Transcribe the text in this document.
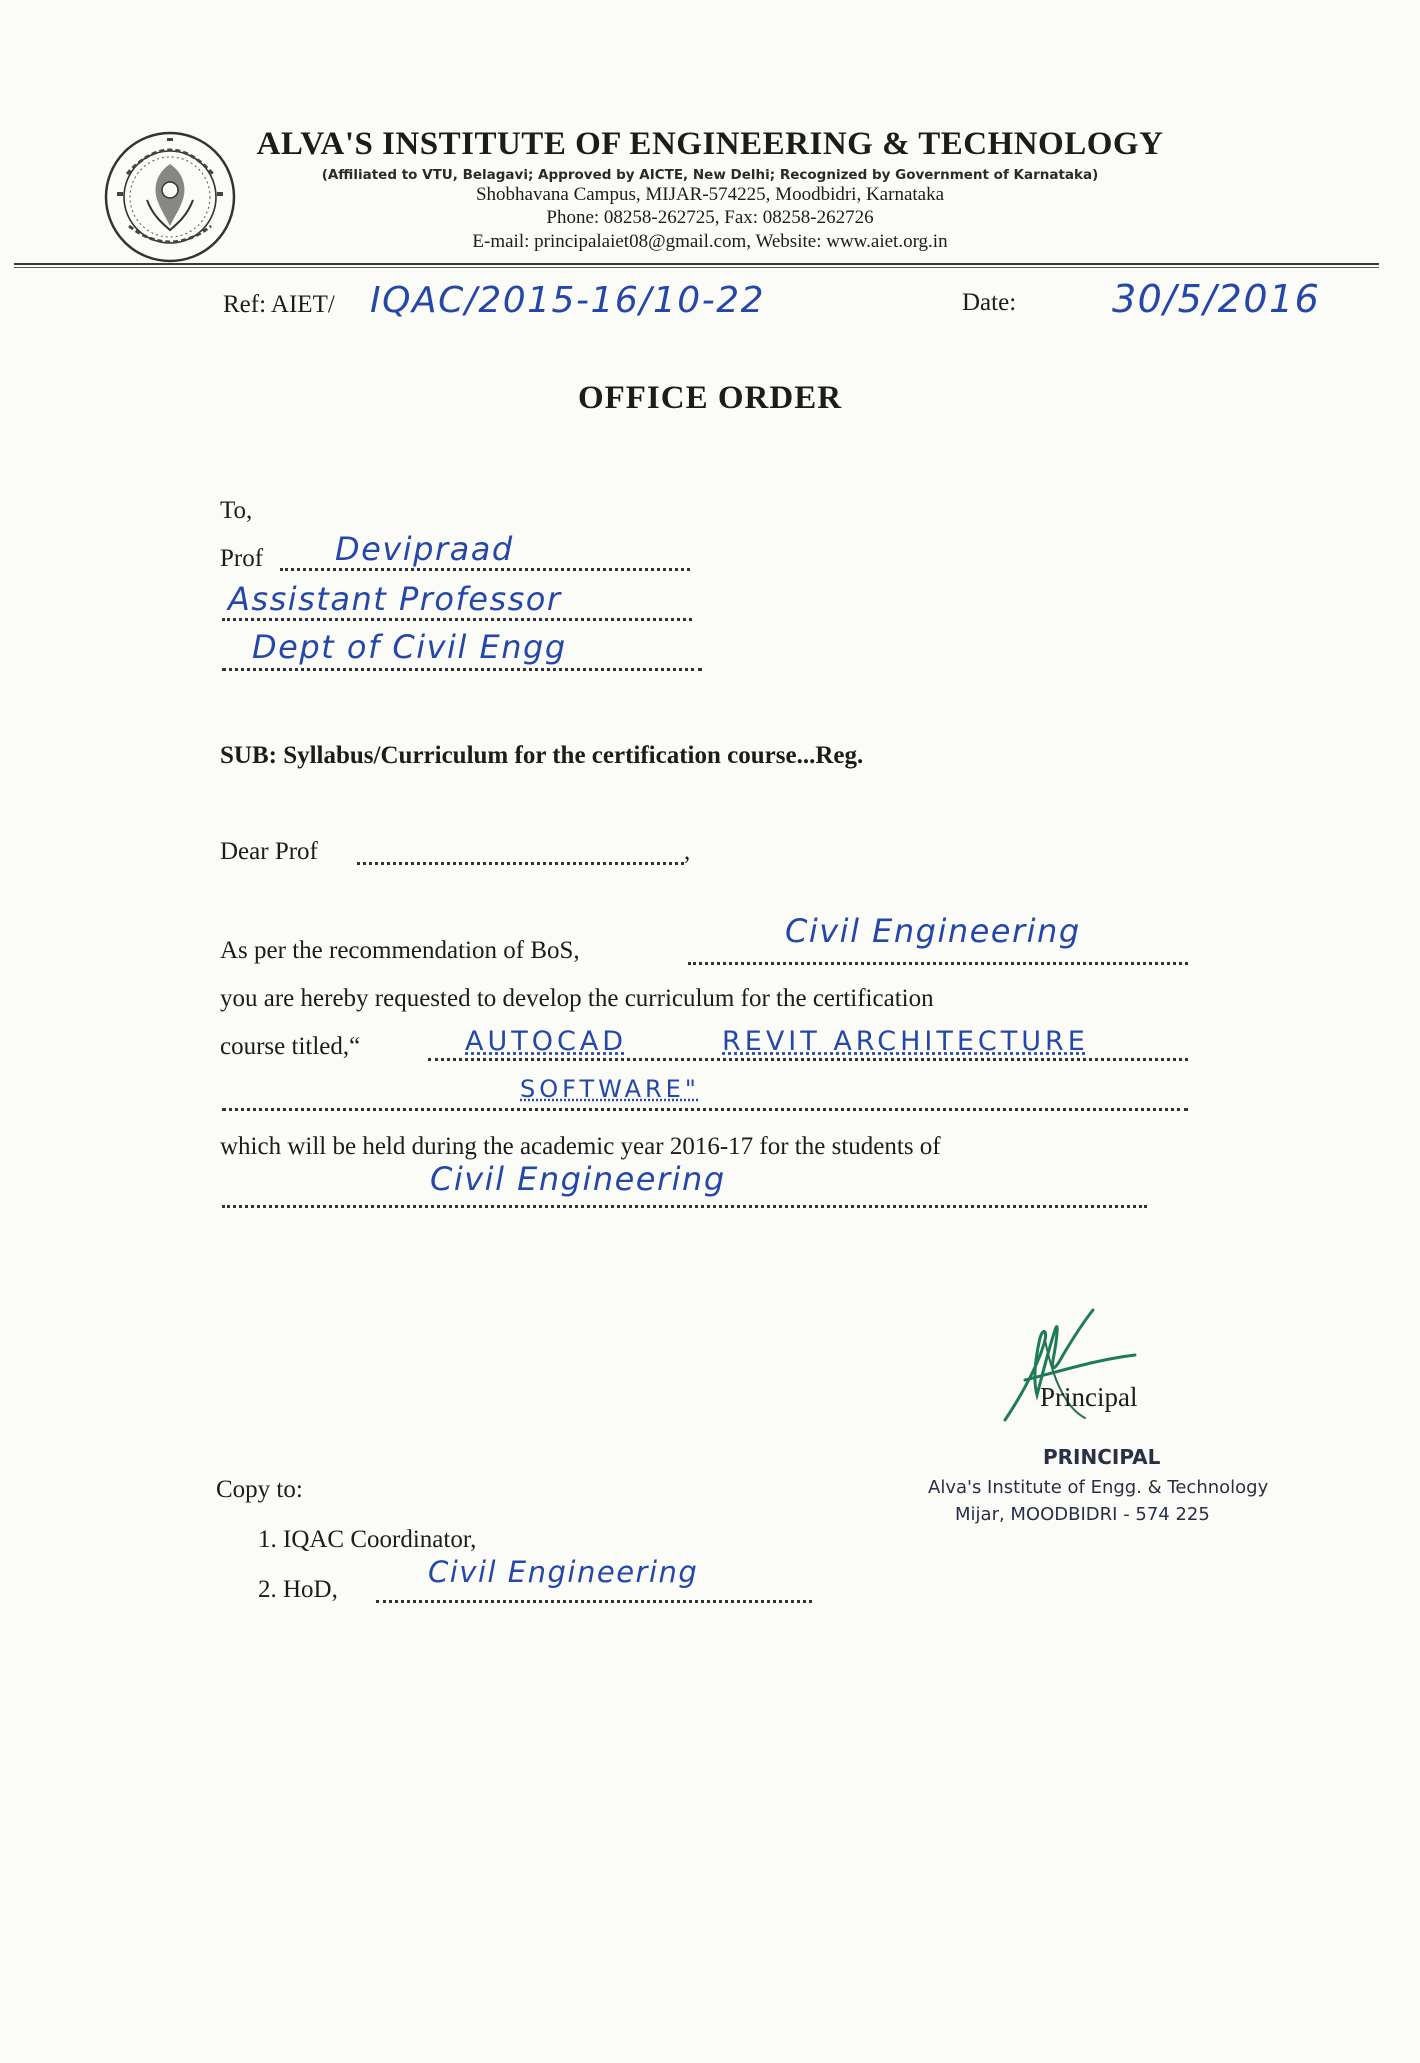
ALVA'S INSTITUTE OF ENGINEERING & TECHNOLOGY
(Affiliated to VTU, Belagavi; Approved by AICTE, New Delhi; Recognized by Government of Karnataka)
Shobhavana Campus, MIJAR-574225, Moodbidri, Karnataka
Phone: 08258-262725, Fax: 08258-262726
E-mail: principalaiet08@gmail.com, Website: www.aiet.org.in
Ref: AIET/ IQAC/2015-16/10-22	Date:	30/5/2016
OFFICE ORDER
To,
Prof Devipraad
Assistant Professor
Dept of Civil Engg
SUB: Syllabus/Curriculum for the certification course...Reg.
Dear Prof	,
As per the recommendation of BoS,
Civil Engineering
you are hereby requested to develop the curriculum for the certification
course titled,“	AUTOCAD	REVIT ARCHITECTURE
SOFTWARE"
which will be held during the academic year 2016-17 for the students of
Civil Engineering
Principal
PRINCIPAL
Alva's Institute of Engg. & Technology
Mijar, MOODBIDRI - 574 225
Copy to:
1. IQAC Coordinator,
2. HoD,
Civil Engineering
